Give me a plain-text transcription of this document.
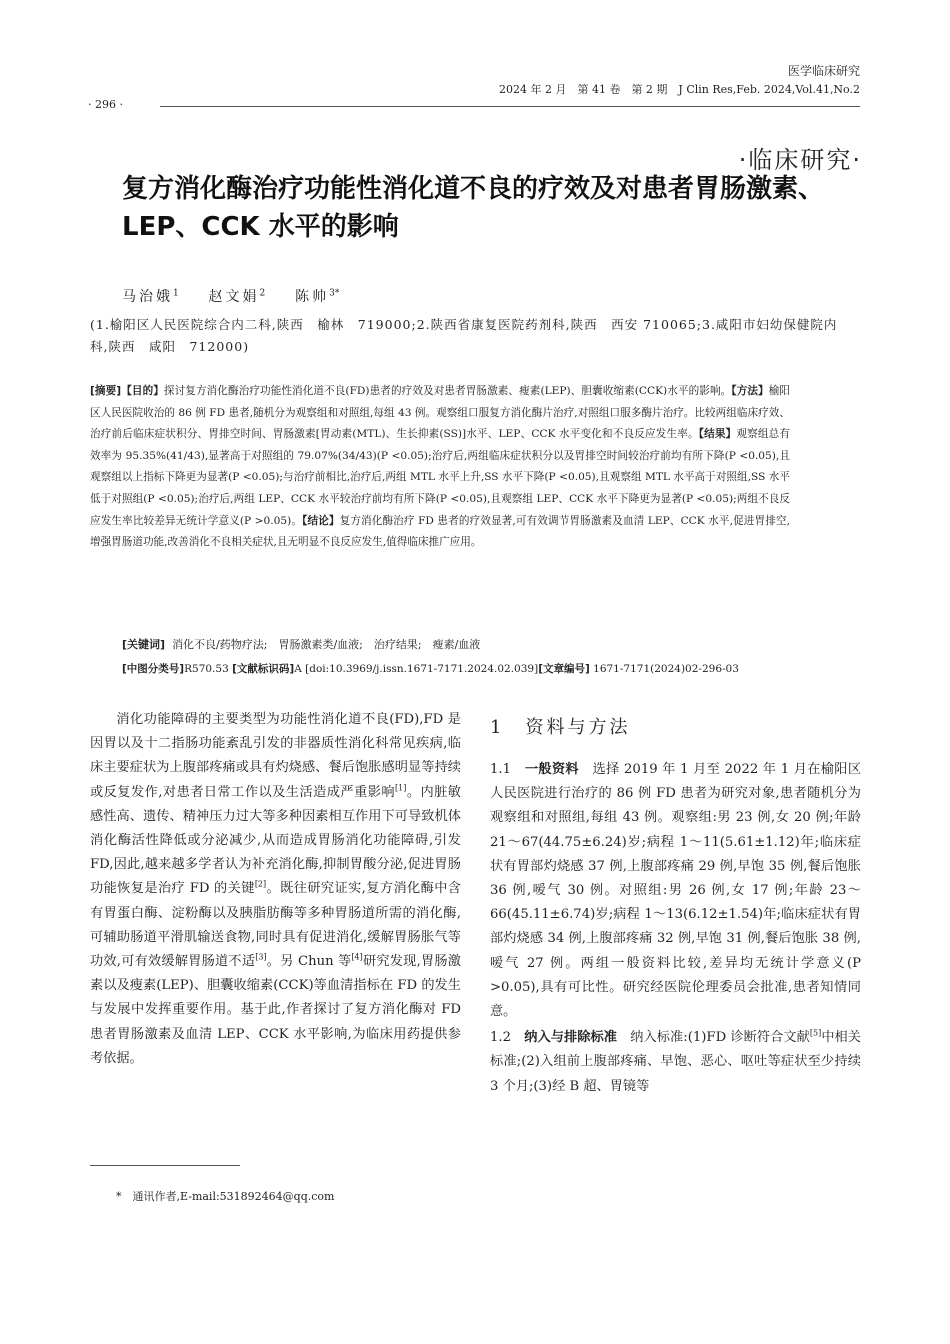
医学临床研究
2024 年 2 月　第 41 卷　第 2 期　J Clin Res,Feb. 2024,Vol.41,No.2
· 296 ·
·临床研究·
复方消化酶治疗功能性消化道不良的疗效及对患者胃肠激素、LEP、CCK 水平的影响
马治娥$^1$ 赵文娟$^2$ 陈帅$^{3*}$
(1.榆阳区人民医院综合内二科,陕西　榆林　719000;2.陕西省康复医院药剂科,陕西　西安 710065;3.咸阳市妇幼保健院内科,陕西　咸阳　712000)
[摘要]【目的】探讨复方消化酶治疗功能性消化道不良(FD)患者的疗效及对患者胃肠激素、瘦素(LEP)、胆囊收缩素(CCK)水平的影响。【方法】榆阳区人民医院收治的 86 例 FD 患者,随机分为观察组和对照组,每组 43 例。观察组口服复方消化酶片治疗,对照组口服多酶片治疗。比较两组临床疗效、治疗前后临床症状积分、胃排空时间、胃肠激素[胃动素(MTL)、生长抑素(SS)]水平、LEP、CCK 水平变化和不良反应发生率。【结果】观察组总有效率为 95.35%(41/43),显著高于对照组的 79.07%(34/43)(P <0.05);治疗后,两组临床症状积分以及胃排空时间较治疗前均有所下降(P <0.05),且观察组以上指标下降更为显著(P <0.05);与治疗前相比,治疗后,两组 MTL 水平上升,SS 水平下降(P <0.05),且观察组 MTL 水平高于对照组,SS 水平低于对照组(P <0.05);治疗后,两组 LEP、CCK 水平较治疗前均有所下降(P <0.05),且观察组 LEP、CCK 水平下降更为显著(P <0.05);两组不良反应发生率比较差异无统计学意义(P >0.05)。【结论】复方消化酶治疗 FD 患者的疗效显著,可有效调节胃肠激素及血清 LEP、CCK 水平,促进胃排空,增强胃肠道功能,改善消化不良相关症状,且无明显不良反应发生,值得临床推广应用。
[关键词] 消化不良/药物疗法;　胃肠激素类/血液;　治疗结果;　瘦素/血液
[中图分类号]R570.53 [文献标识码]A [doi:10.3969/j.issn.1671-7171.2024.02.039][文章编号] 1671-7171(2024)02-296-03

消化功能障碍的主要类型为功能性消化道不良(FD),FD 是因胃以及十二指肠功能紊乱引发的非器质性消化科常见疾病,临床主要症状为上腹部疼痛或具有灼烧感、餐后饱胀感明显等持续或反复发作,对患者日常工作以及生活造成严重影响[1]。内脏敏感性高、遗传、精神压力过大等多种因素相互作用下可导致机体消化酶活性降低或分泌减少,从而造成胃肠消化功能障碍,引发 FD,因此,越来越多学者认为补充消化酶,抑制胃酸分泌,促进胃肠功能恢复是治疗 FD 的关键[2]。既往研究证实,复方消化酶中含有胃蛋白酶、淀粉酶以及胰脂肪酶等多种胃肠道所需的消化酶,可辅助肠道平滑肌输送食物,同时具有促进消化,缓解胃肠胀气等功效,可有效缓解胃肠道不适[3]。另 Chun 等[4]研究发现,胃肠激素以及瘦素(LEP)、胆囊收缩素(CCK)等血清指标在 FD 的发生与发展中发挥重要作用。基于此,作者探讨了复方消化酶对 FD 患者胃肠激素及血清 LEP、CCK 水平影响,为临床用药提供参考依据。

1　资料与方法

1.1　一般资料　选择 2019 年 1 月至 2022 年 1 月在榆阳区人民医院进行治疗的 86 例 FD 患者为研究对象,患者随机分为观察组和对照组,每组 43 例。观察组:男 23 例,女 20 例;年龄 21～67(44.75±6.24)岁;病程 1～11(5.61±1.12)年;临床症状有胃部灼烧感 37 例,上腹部疼痛 29 例,早饱 35 例,餐后饱胀 36 例,嗳气 30 例。对照组:男 26 例,女 17 例;年龄 23～66(45.11±6.74)岁;病程 1～13(6.12±1.54)年;临床症状有胃部灼烧感 34 例,上腹部疼痛 32 例,早饱 31 例,餐后饱胀 38 例,嗳气 27 例。两组一般资料比较,差异均无统计学意义(P >0.05),具有可比性。研究经医院伦理委员会批准,患者知情同意。

1.2　纳入与排除标准　纳入标准:(1)FD 诊断符合文献[5]中相关标准;(2)入组前上腹部疼痛、早饱、恶心、呕吐等症状至少持续 3 个月;(3)经 B 超、胃镜等

*　通讯作者,E-mail:531892464@qq.com
